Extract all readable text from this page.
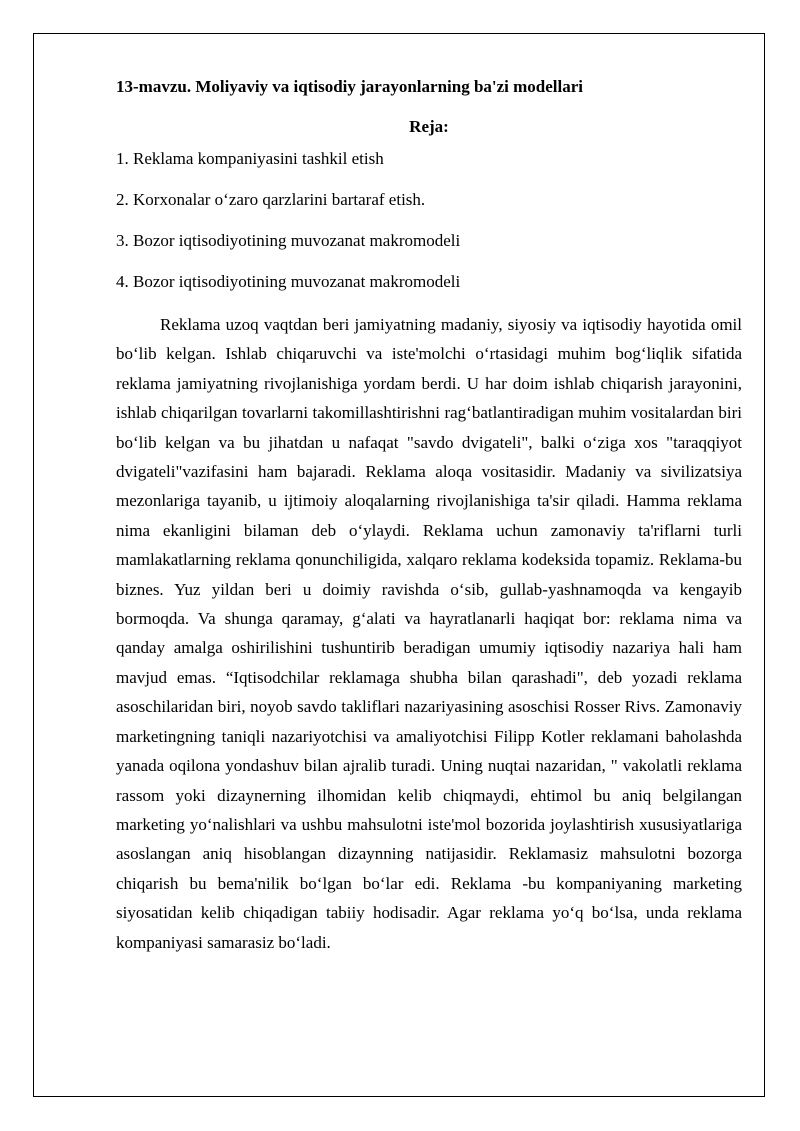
13-mavzu. Moliyaviy va iqtisodiy jarayonlarning ba'zi modellari
Reja:
1. Reklama kompaniyasini tashkil etish
2. Korxonalar o‘zaro qarzlarini bartaraf etish.
3. Bozor iqtisodiyotining muvozanat makromodeli
4. Bozor iqtisodiyotining muvozanat makromodeli

Reklama uzoq vaqtdan beri jamiyatning madaniy, siyosiy va iqtisodiy hayotida omil bo‘lib kelgan. Ishlab chiqaruvchi va iste'molchi o‘rtasidagi muhim bog‘liqlik sifatida reklama jamiyatning rivojlanishiga yordam berdi. U har doim ishlab chiqarish jarayonini, ishlab chiqarilgan tovarlarni takomillashtirishni rag‘batlantiradigan muhim vositalardan biri bo‘lib kelgan va bu jihatdan u nafaqat "savdo dvigateli", balki o‘ziga xos "taraqqiyot dvigateli"vazifasini ham bajaradi. Reklama aloqa vositasidir. Madaniy va sivilizatsiya mezonlariga tayanib, u ijtimoiy aloqalarning rivojlanishiga ta'sir qiladi. Hamma reklama nima ekanligini bilaman deb o‘ylaydi. Reklama uchun zamonaviy ta'riflarni turli mamlakatlarning reklama qonunchiligida, xalqaro reklama kodeksida topamiz. Reklama-bu biznes. Yuz yildan beri u doimiy ravishda o‘sib, gullab-yashnamoqda va kengayib bormoqda. Va shunga qaramay, g‘alati va hayratlanarli haqiqat bor: reklama nima va qanday amalga oshirilishini tushuntirib beradigan umumiy iqtisodiy nazariya hali ham mavjud emas. “Iqtisodchilar reklamaga shubha bilan qarashadi", deb yozadi reklama asoschilaridan biri, noyob savdo takliflari nazariyasining asoschisi Rosser Rivs. Zamonaviy marketingning taniqli nazariyotchisi va amaliyotchisi Filipp Kotler reklamani baholashda yanada oqilona yondashuv bilan ajralib turadi. Uning nuqtai nazaridan, " vakolatli reklama rassom yoki dizaynerning ilhomidan kelib chiqmaydi, ehtimol bu aniq belgilangan marketing yo‘nalishlari va ushbu mahsulotni iste'mol bozorida joylashtirish xususiyatlariga asoslangan aniq hisoblangan dizaynning natijasidir. Reklamasiz mahsulotni bozorga chiqarish bu bema'nilik bo‘lgan bo‘lar edi. Reklama -bu kompaniyaning marketing siyosatidan kelib chiqadigan tabiiy hodisadir. Agar reklama yo‘q bo‘lsa, unda reklama kompaniyasi samarasiz bo‘ladi.
